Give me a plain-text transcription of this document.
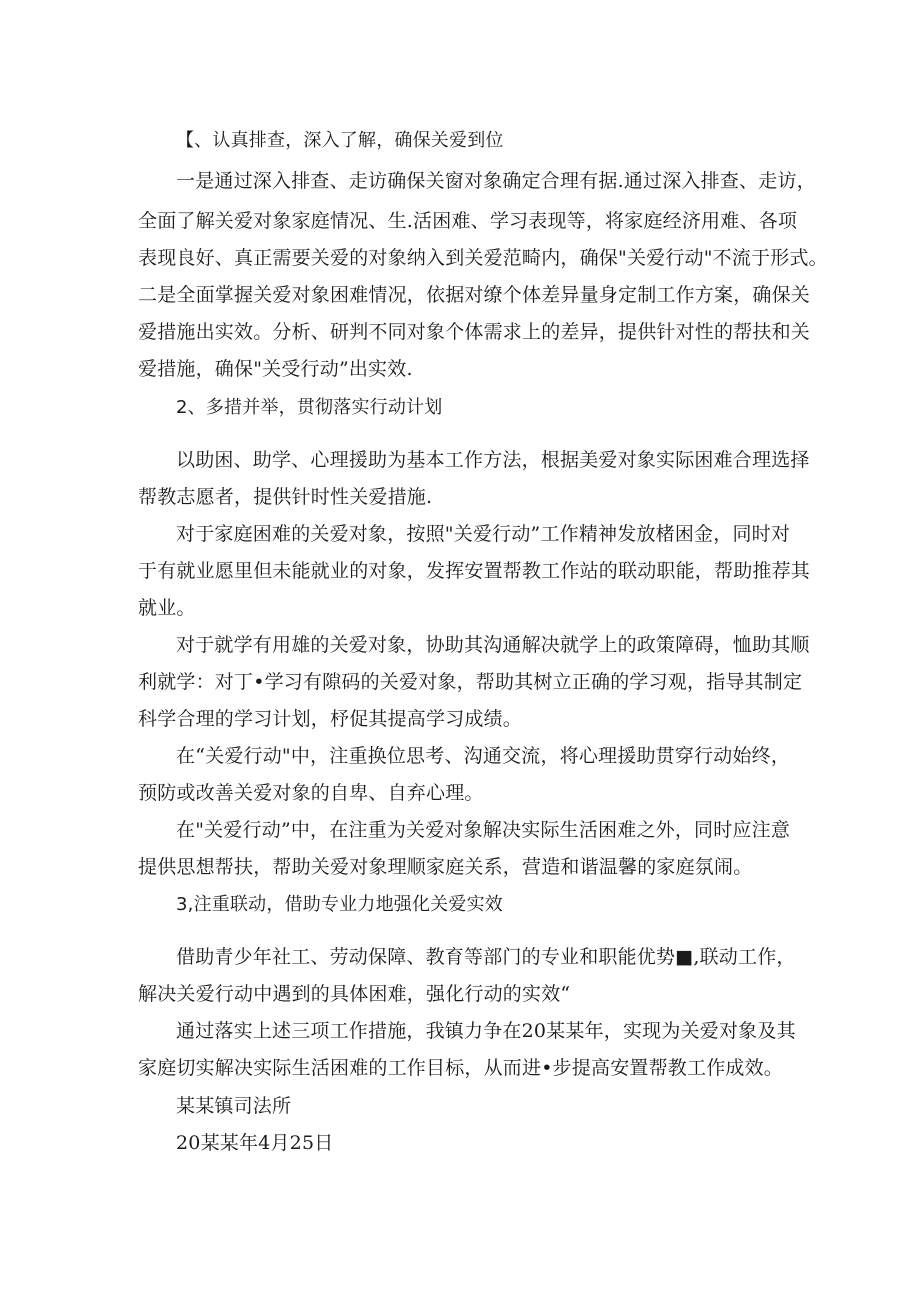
【、认真排查，深入了解，确保关爱到位
一是通过深入排查、走访确保关窗对象确定合理有据.通过深入排查、走访，
全面了解关爱对象家庭情况、生.活困难、学习表现等，将家庭经济用难、各项
表现良好、真正需要关爱的对象纳入到关爱范畸内，确保"关爱行动"不流于形式。
二是全面掌握关爱对象困难情况，依据对缭个体差异量身定制工作方案，确保关
爱措施出实效。分析、研判不同对象个体需求上的差异，提供针对性的帮扶和关
爱措施，确保"关受行动”出实效.
2、多措并举，贯彻落实行动计划
以助困、助学、心理援助为基本工作方法，根据美爱对象实际困难合理选择
帮教志愿者，提供针时性关爱措施.
对于家庭困难的关爱对象，按照"关爱行动”工作精神发放楮困金，同时对
于有就业愿里但未能就业的对象，发挥安置帮教工作站的联动职能，帮助推荐其
就业。
对于就学有用雄的关爱对象，协助其沟通解决就学上的政策障碍，恤助其顺
利就学：对丁•学习有隙码的关爱对象，帮助其树立正确的学习观，指导其制定
科学合理的学习计划，杼促其提高学习成绩。
在“关爱行动"中，注重换位思考、沟通交流，将心理援助贯穿行动始终，
预防或改善关爱对象的自卑、自弃心理。
在"关爱行动”中，在注重为关爱对象解决实际生活困难之外，同时应注意
提供思想帮扶，帮助关爱对象理顺家庭关系，营造和谐温馨的家庭氛闹。
3,注重联动，借助专业力地强化关爱实效
借助青少年社工、劳动保障、教育等部门的专业和职能优势■,联动工作，
解决关爱行动中遇到的具体困难，强化行动的实效“
通过落实上述三项工作措施，我镇力争在20某某年，实现为关爱对象及其
家庭切实解决实际生活困难的工作目标，从而进•步提高安置帮教工作成效。
某某镇司法所
20某某年4月25日
